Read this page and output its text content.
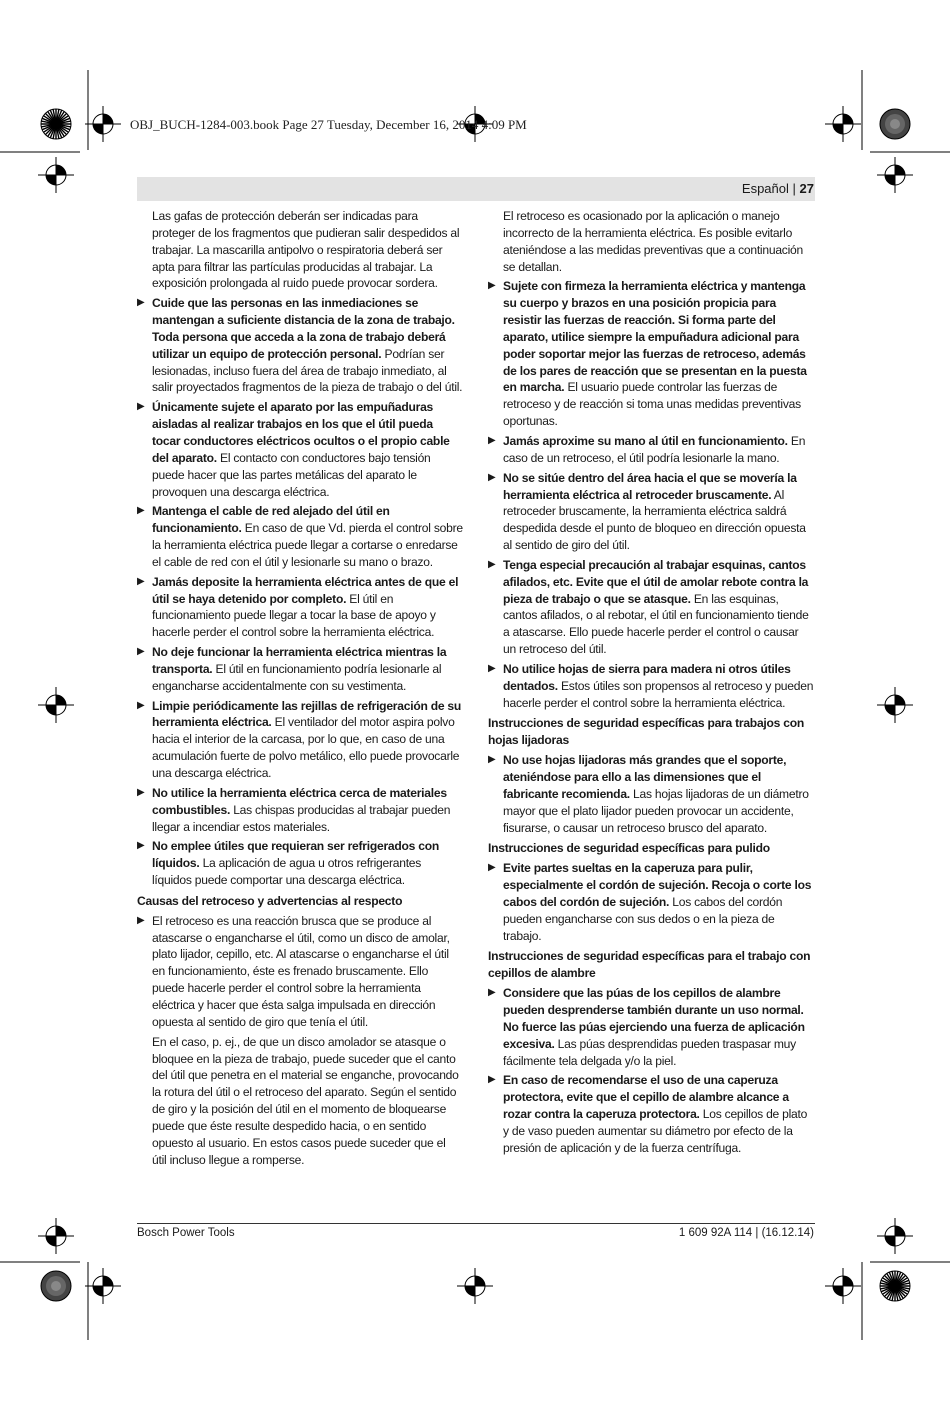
OBJ_BUCH-1284-003.book Page 27 Tuesday, December 16, 2014 4:09 PM
Español | 27

Las gafas de protección deberán ser indicadas para proteger de los fragmentos que pudieran salir despedidos al trabajar. La mascarilla antipolvo o respiratoria deberá ser apta para filtrar las partículas producidas al trabajar. La exposición prolongada al ruido puede provocar sordera.

▶ Cuide que las personas en las inmediaciones se mantengan a suficiente distancia de la zona de trabajo. Toda persona que acceda a la zona de trabajo deberá utilizar un equipo de protección personal. Podrían ser lesionadas, incluso fuera del área de trabajo inmediato, al salir proyectados fragmentos de la pieza de trabajo o del útil.
▶ Únicamente sujete el aparato por las empuñaduras aisladas al realizar trabajos en los que el útil pueda tocar conductores eléctricos ocultos o el propio cable del aparato. El contacto con conductores bajo tensión puede hacer que las partes metálicas del aparato le provoquen una descarga eléctrica.
▶ Mantenga el cable de red alejado del útil en funcionamiento. En caso de que Vd. pierda el control sobre la herramienta eléctrica puede llegar a cortarse o enredarse el cable de red con el útil y lesionarle su mano o brazo.
▶ Jamás deposite la herramienta eléctrica antes de que el útil se haya detenido por completo. El útil en funcionamiento puede llegar a tocar la base de apoyo y hacerle perder el control sobre la herramienta eléctrica.
▶ No deje funcionar la herramienta eléctrica mientras la transporta. El útil en funcionamiento podría lesionarle al engancharse accidentalmente con su vestimenta.
▶ Limpie periódicamente las rejillas de refrigeración de su herramienta eléctrica. El ventilador del motor aspira polvo hacia el interior de la carcasa, por lo que, en caso de una acumulación fuerte de polvo metálico, ello puede provocarle una descarga eléctrica.
▶ No utilice la herramienta eléctrica cerca de materiales combustibles. Las chispas producidas al trabajar pueden llegar a incendiar estos materiales.
▶ No emplee útiles que requieran ser refrigerados con líquidos. La aplicación de agua u otros refrigerantes líquidos puede comportar una descarga eléctrica.
Causas del retroceso y advertencias al respecto
▶ El retroceso es una reacción brusca que se produce al atascarse o engancharse el útil, como un disco de amolar, plato lijador, cepillo, etc. Al atascarse o engancharse el útil en funcionamiento, éste es frenado bruscamente. Ello puede hacerle perder el control sobre la herramienta eléctrica y hacer que ésta salga impulsada en dirección opuesta al sentido de giro que tenía el útil.

En el caso, p. ej., de que un disco amolador se atasque o bloquee en la pieza de trabajo, puede suceder que el canto del útil que penetra en el material se enganche, provocando la rotura del útil o el retroceso del aparato. Según el sentido de giro y la posición del útil en el momento de bloquearse puede que éste resulte despedido hacia, o en sentido opuesto al usuario. En estos casos puede suceder que el útil incluso llegue a romperse.

El retroceso es ocasionado por la aplicación o manejo incorrecto de la herramienta eléctrica. Es posible evitarlo ateniéndose a las medidas preventivas que a continuación se detallan.

▶ Sujete con firmeza la herramienta eléctrica y mantenga su cuerpo y brazos en una posición propicia para resistir las fuerzas de reacción. Si forma parte del aparato, utilice siempre la empuñadura adicional para poder soportar mejor las fuerzas de retroceso, además de los pares de reacción que se presentan en la puesta en marcha. El usuario puede controlar las fuerzas de retroceso y de reacción si toma unas medidas preventivas oportunas.
▶ Jamás aproxime su mano al útil en funcionamiento. En caso de un retroceso, el útil podría lesionarle la mano.
▶ No se sitúe dentro del área hacia el que se movería la herramienta eléctrica al retroceder bruscamente. Al retroceder bruscamente, la herramienta eléctrica saldrá despedida desde el punto de bloqueo en dirección opuesta al sentido de giro del útil.
▶ Tenga especial precaución al trabajar esquinas, cantos afilados, etc. Evite que el útil de amolar rebote contra la pieza de trabajo o que se atasque. En las esquinas, cantos afilados, o al rebotar, el útil en funcionamiento tiende a atascarse. Ello puede hacerle perder el control o causar un retroceso del útil.
▶ No utilice hojas de sierra para madera ni otros útiles dentados. Estos útiles son propensos al retroceso y pueden hacerle perder el control sobre la herramienta eléctrica.
Instrucciones de seguridad específicas para trabajos con hojas lijadoras
▶ No use hojas lijadoras más grandes que el soporte, ateniéndose para ello a las dimensiones que el fabricante recomienda. Las hojas lijadoras de un diámetro mayor que el plato lijador pueden provocar un accidente, fisurarse, o causar un retroceso brusco del aparato.
Instrucciones de seguridad específicas para pulido
▶ Evite partes sueltas en la caperuza para pulir, especialmente el cordón de sujeción. Recoja o corte los cabos del cordón de sujeción. Los cabos del cordón pueden engancharse con sus dedos o en la pieza de trabajo.
Instrucciones de seguridad específicas para el trabajo con cepillos de alambre
▶ Considere que las púas de los cepillos de alambre pueden desprenderse también durante un uso normal. No fuerce las púas ejerciendo una fuerza de aplicación excesiva. Las púas desprendidas pueden traspasar muy fácilmente tela delgada y/o la piel.
▶ En caso de recomendarse el uso de una caperuza protectora, evite que el cepillo de alambre alcance a rozar contra la caperuza protectora. Los cepillos de plato y de vaso pueden aumentar su diámetro por efecto de la presión de aplicación y de la fuerza centrífuga.
Bosch Power Tools	1 609 92A 114 | (16.12.14)
